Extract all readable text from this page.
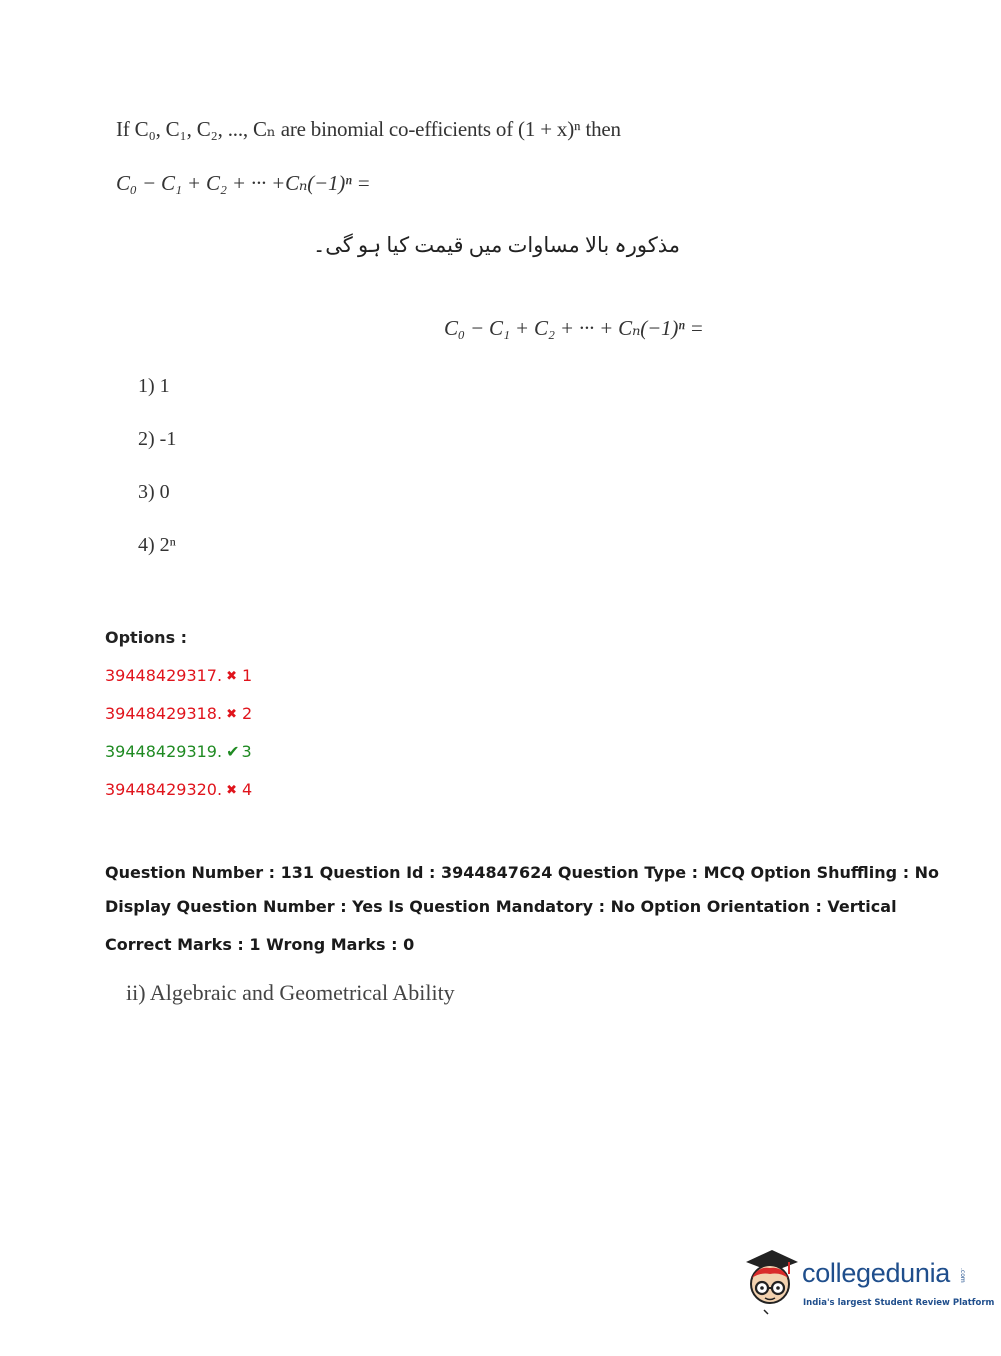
If C₀, C₁, C₂, ..., Cₙ are binomial co-efficients of (1 + x)ⁿ then
C₀ − C₁ + C₂ + ··· +Cₙ(−1)ⁿ =
مذکورہ بالا مساوات میں قیمت کیا ہو گی۔
C₀ − C₁ + C₂ + ··· + Cₙ(−1)ⁿ =
1) 1
2) -1
3) 0
4) 2ⁿ
Options :
39448429317. ✖ 1
39448429318. ✖ 2
39448429319. ✔ 3
39448429320. ✖ 4
Question Number : 131 Question Id : 3944847624 Question Type : MCQ Option Shuffling : No
Display Question Number : Yes Is Question Mandatory : No Option Orientation : Vertical
Correct Marks : 1 Wrong Marks : 0
ii) Algebraic and Geometrical Ability
collegedunia .com
India's largest Student Review Platform
